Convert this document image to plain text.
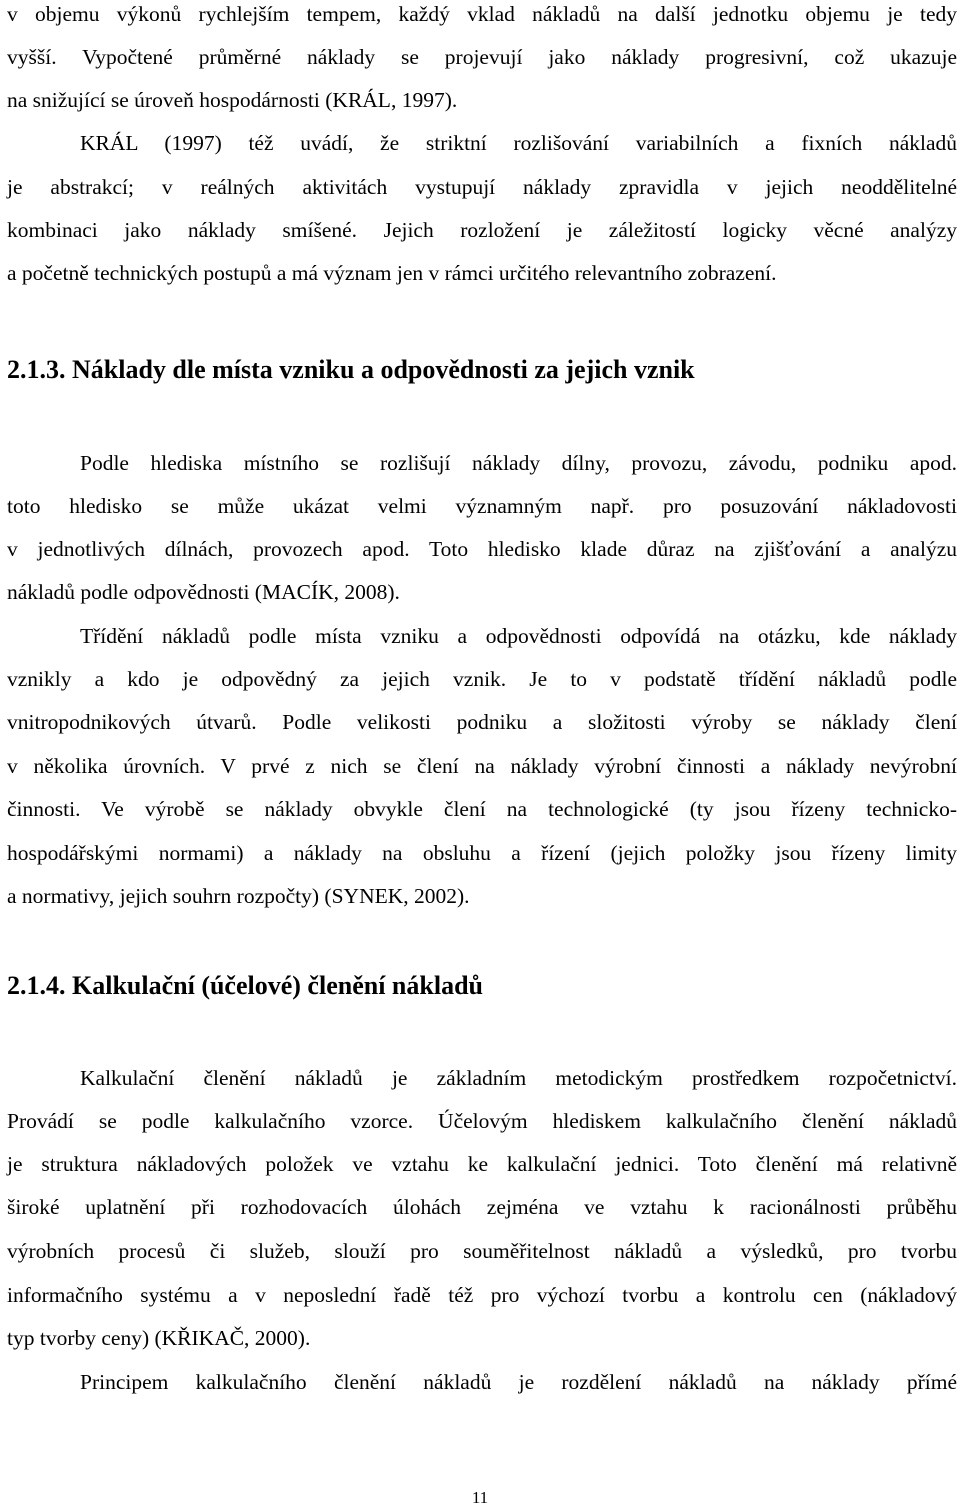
v objemu výkonů rychlejším tempem, každý vklad nákladů na další jednotku objemu je tedy
vyšší. Vypočtené průměrné náklady se projevují jako náklady progresivní, což ukazuje
na snižující se úroveň hospodárnosti (KRÁL, 1997).
KRÁL (1997) též uvádí, že striktní rozlišování variabilních a fixních nákladů
je abstrakcí; v reálných aktivitách vystupují náklady zpravidla v jejich neoddělitelné
kombinaci jako náklady smíšené. Jejich rozložení je záležitostí logicky věcné analýzy
a početně technických postupů a má význam jen v rámci určitého relevantního zobrazení.
2.1.3. Náklady dle místa vzniku a odpovědnosti za jejich vznik
Podle hlediska místního se rozlišují náklady dílny, provozu, závodu, podniku apod.
toto hledisko se může ukázat velmi významným např. pro posuzování nákladovosti
v jednotlivých dílnách, provozech apod. Toto hledisko klade důraz na zjišťování a analýzu
nákladů podle odpovědnosti (MACÍK, 2008).
Třídění nákladů podle místa vzniku a odpovědnosti odpovídá na otázku, kde náklady
vznikly a kdo je odpovědný za jejich vznik. Je to v podstatě třídění nákladů podle
vnitropodnikových útvarů. Podle velikosti podniku a složitosti výroby se náklady člení
v několika úrovních. V prvé z nich se člení na náklady výrobní činnosti a náklady nevýrobní
činnosti. Ve výrobě se náklady obvykle člení na technologické (ty jsou řízeny technicko-
hospodářskými normami) a náklady na obsluhu a řízení (jejich položky jsou řízeny limity
a normativy, jejich souhrn rozpočty) (SYNEK, 2002).
2.1.4. Kalkulační (účelové) členění nákladů
Kalkulační členění nákladů je základním metodickým prostředkem rozpočetnictví.
Provádí se podle kalkulačního vzorce. Účelovým hlediskem kalkulačního členění nákladů
je struktura nákladových položek ve vztahu ke kalkulační jednici. Toto členění má relativně
široké uplatnění při rozhodovacích úlohách zejména ve vztahu k racionálnosti průběhu
výrobních procesů či služeb, slouží pro souměřitelnost nákladů a výsledků, pro tvorbu
informačního systému a v neposlední řadě též pro výchozí tvorbu a kontrolu cen (nákladový
typ tvorby ceny) (KŘIKAČ, 2000).
Principem kalkulačního členění nákladů je rozdělení nákladů na náklady přímé
11
